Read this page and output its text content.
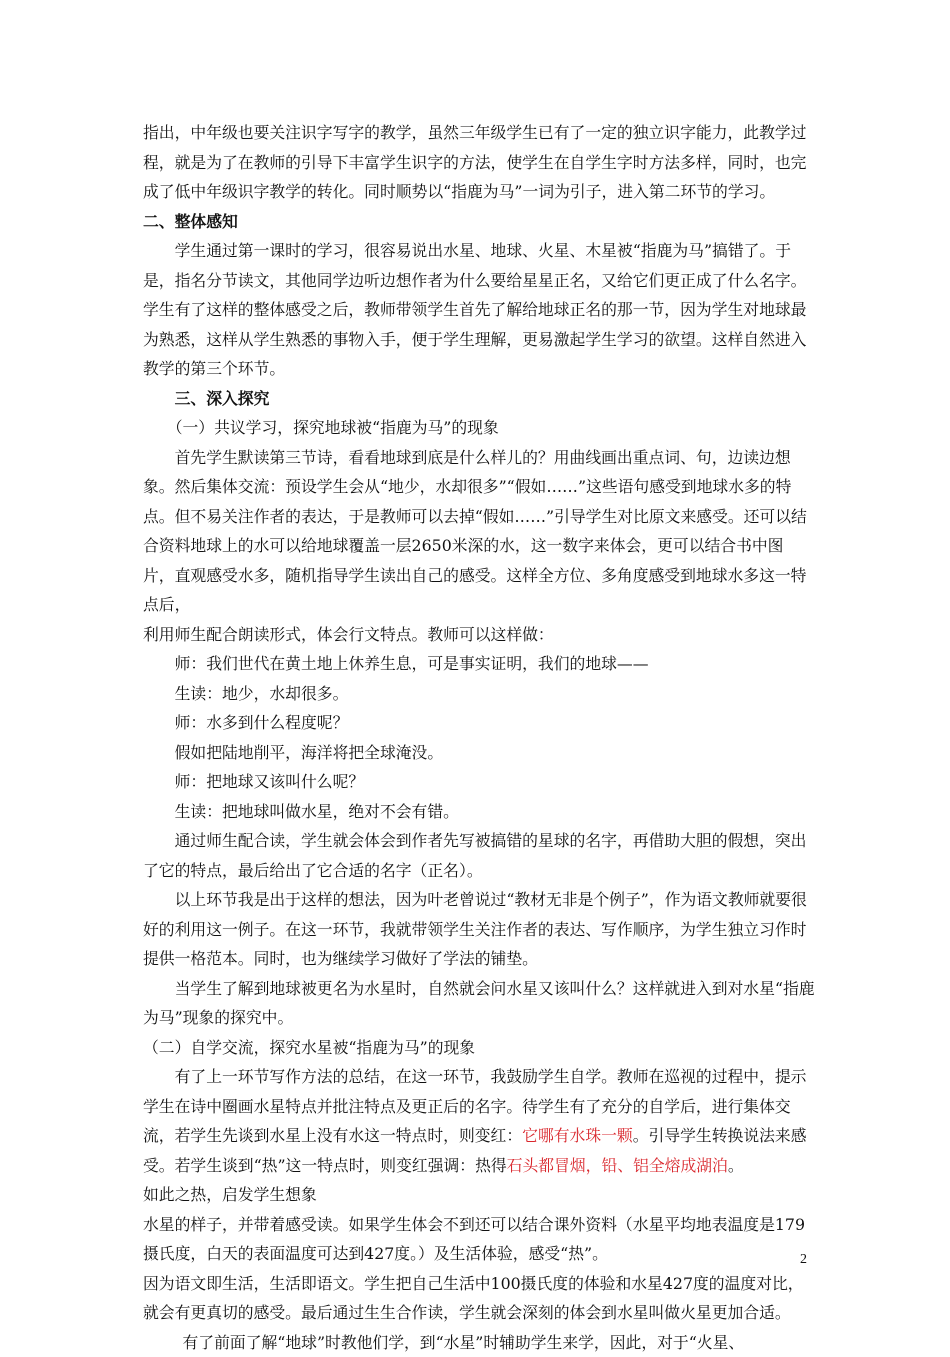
指出，中年级也要关注识字写字的教学，虽然三年级学生已有了一定的独立识字能力，此教学过程，就是为了在教师的引导下丰富学生识字的方法，使学生在自学生字时方法多样，同时，也完成了低中年级识字教学的转化。同时顺势以“指鹿为马”一词为引子，进入第二环节的学习。

二、整体感知

学生通过第一课时的学习，很容易说出水星、地球、火星、木星被“指鹿为马”搞错了。于是，指名分节读文，其他同学边听边想作者为什么要给星星正名，又给它们更正成了什么名字。学生有了这样的整体感受之后，教师带领学生首先了解给地球正名的那一节，因为学生对地球最为熟悉，这样从学生熟悉的事物入手，便于学生理解，更易激起学生学习的欲望。这样自然进入教学的第三个环节。

三、深入探究

（一）共议学习，探究地球被“指鹿为马”的现象

首先学生默读第三节诗，看看地球到底是什么样儿的？用曲线画出重点词、句，边读边想象。然后集体交流：预设学生会从“地少，水却很多”“假如……”这些语句感受到地球水多的特点。但不易关注作者的表达，于是教师可以去掉“假如……”引导学生对比原文来感受。还可以结合资料地球上的水可以给地球覆盖一层2650米深的水，这一数字来体会，更可以结合书中图片，直观感受水多，随机指导学生读出自己的感受。这样全方位、多角度感受到地球水多这一特点后，

利用师生配合朗读形式，体会行文特点。教师可以这样做：

师：我们世代在黄土地上休养生息，可是事实证明，我们的地球——

生读：地少，水却很多。

师：水多到什么程度呢？

假如把陆地削平，海洋将把全球淹没。

师：把地球又该叫什么呢？

生读：把地球叫做水星，绝对不会有错。

通过师生配合读，学生就会体会到作者先写被搞错的星球的名字，再借助大胆的假想，突出了它的特点，最后给出了它合适的名字（正名）。

以上环节我是出于这样的想法，因为叶老曾说过“教材无非是个例子”，作为语文教师就要很好的利用这一例子。在这一环节，我就带领学生关注作者的表达、写作顺序，为学生独立习作时提供一格范本。同时，也为继续学习做好了学法的铺垫。

当学生了解到地球被更名为水星时，自然就会问水星又该叫什么？这样就进入到对水星“指鹿为马”现象的探究中。

（二）自学交流，探究水星被“指鹿为马”的现象

有了上一环节写作方法的总结，在这一环节，我鼓励学生自学。教师在巡视的过程中，提示学生在诗中圈画水星特点并批注特点及更正后的名字。待学生有了充分的自学后，进行集体交流，若学生先谈到水星上没有水这一特点时，则变红：它哪有水珠一颗。引导学生转换说法来感受。若学生谈到“热”这一特点时，则变红强调：热得石头都冒烟，铅、铝全熔成湖泊。

如此之热，启发学生想象

水星的样子，并带着感受读。如果学生体会不到还可以结合课外资料（水星平均地表温度是179摄氏度，白天的表面温度可达到427度。）及生活体验，感受“热”。

因为语文即生活，生活即语文。学生把自己生活中100摄氏度的体验和水星427度的温度对比，就会有更真切的感受。最后通过生生合作读，学生就会深刻的体会到水星叫做火星更加合适。

有了前面了解“地球”时教他们学，到“水星”时辅助学生来学，因此，对于“火星、

2
